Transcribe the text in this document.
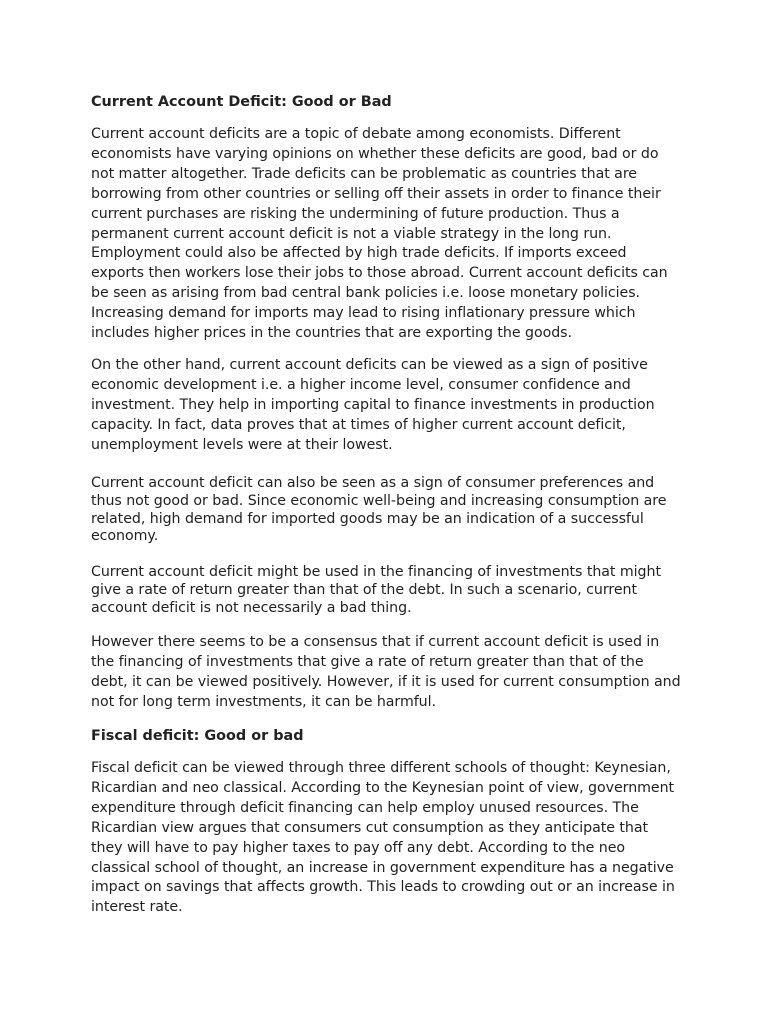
Current Account Deficit: Good or Bad

Current account deficits are a topic of debate among economists. Different economists have varying opinions on whether these deficits are good, bad or do not matter altogether. Trade deficits can be problematic as countries that are borrowing from other countries or selling off their assets in order to finance their current purchases are risking the undermining of future production. Thus a permanent current account deficit is not a viable strategy in the long run. Employment could also be affected by high trade deficits. If imports exceed exports then workers lose their jobs to those abroad. Current account deficits can be seen as arising from bad central bank policies i.e. loose monetary policies. Increasing demand for imports may lead to rising inflationary pressure which includes higher prices in the countries that are exporting the goods.

On the other hand, current account deficits can be viewed as a sign of positive economic development i.e. a higher income level, consumer confidence and investment. They help in importing capital to finance investments in production capacity. In fact, data proves that at times of higher current account deficit, unemployment levels were at their lowest.

Current account deficit can also be seen as a sign of consumer preferences and thus not good or bad. Since economic well-being and increasing consumption are related, high demand for imported goods may be an indication of a successful economy.

Current account deficit might be used in the financing of investments that might give a rate of return greater than that of the debt. In such a scenario, current account deficit is not necessarily a bad thing.

However there seems to be a consensus that if current account deficit is used in the financing of investments that give a rate of return greater than that of the debt, it can be viewed positively. However, if it is used for current consumption and not for long term investments, it can be harmful.

Fiscal deficit: Good or bad

Fiscal deficit can be viewed through three different schools of thought: Keynesian, Ricardian and neo classical. According to the Keynesian point of view, government expenditure through deficit financing can help employ unused resources. The Ricardian view argues that consumers cut consumption as they anticipate that they will have to pay higher taxes to pay off any debt. According to the neo classical school of thought, an increase in government expenditure has a negative impact on savings that affects growth. This leads to crowding out or an increase in interest rate.
